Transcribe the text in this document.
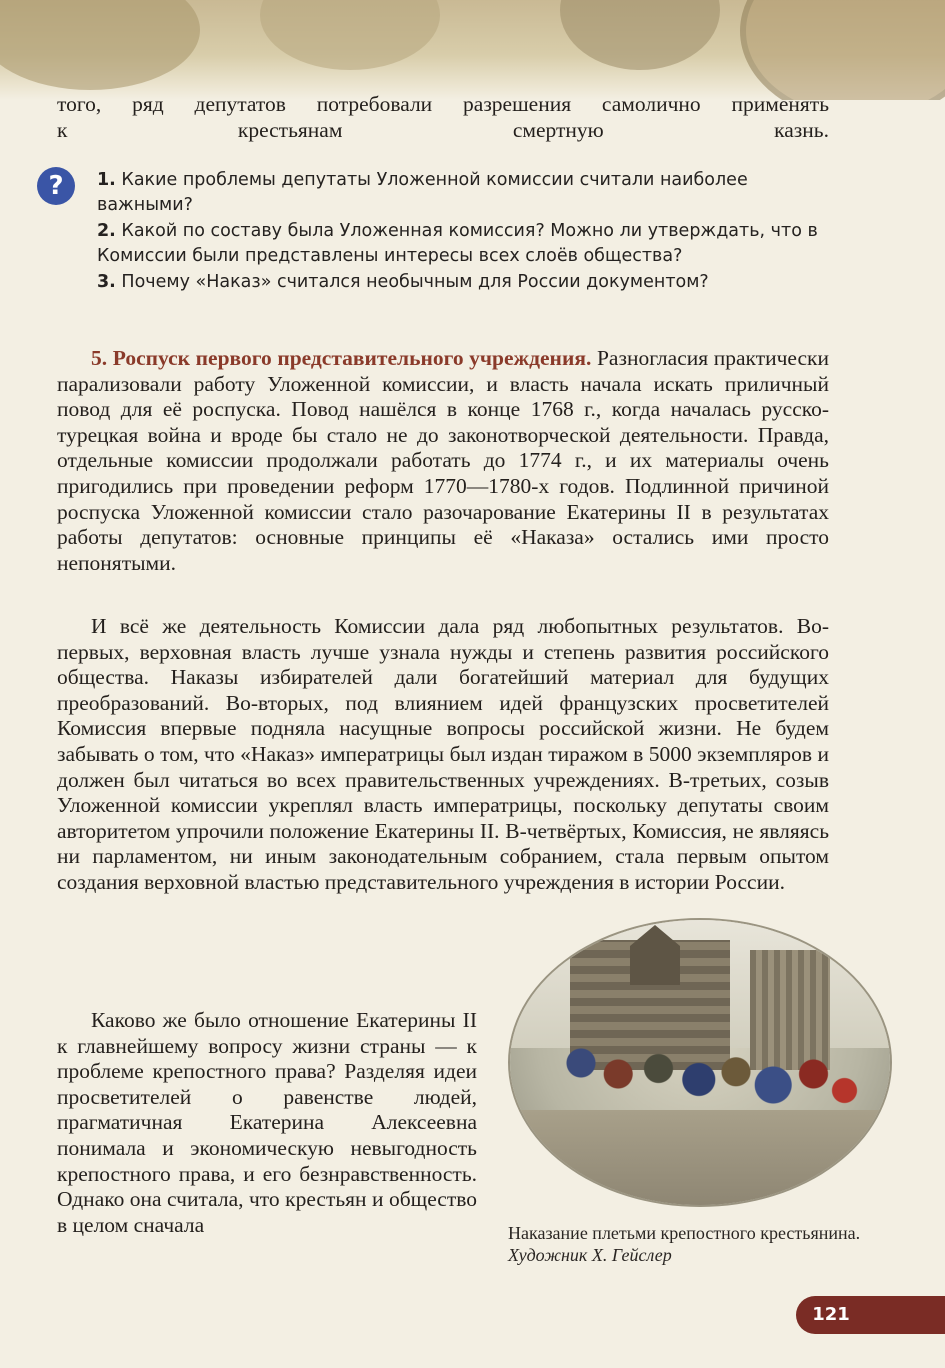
того, ряд депутатов потребовали разрешения самолично применять
к крестьянам смертную казнь.

?	1. Какие проблемы депутаты Уложенной комиссии считали наиболее важными?

2. Какой по составу была Уложенная комиссия? Можно ли утверждать, что в Комиссии были представлены интересы всех слоёв общества?

3. Почему «Наказ» считался необычным для России документом?

5. Роспуск первого представительного учреждения. Разногласия практически парализовали работу Уложенной комиссии, и власть начала искать приличный повод для её роспуска. Повод нашёлся в конце 1768 г., когда началась русско-турецкая война и вроде бы стало не до законотворческой деятельности. Правда, отдельные комиссии продолжали работать до 1774 г., и их материалы очень пригодились при проведении реформ 1770—1780-х годов. Подлинной причиной роспуска Уложенной комиссии стало разочарование Екатерины II в результатах работы депутатов: основные принципы её «Наказа» остались ими просто непонятыми.

И всё же деятельность Комиссии дала ряд любопытных результатов. Во-первых, верховная власть лучше узнала нужды и степень развития российского общества. Наказы избирателей дали богатейший материал для будущих преобразований. Во-вторых, под влиянием идей французских просветителей Комиссия впервые подняла насущные вопросы российской жизни. Не будем забывать о том, что «Наказ» императрицы был издан тиражом в 5000 экземпляров и должен был читаться во всех правительственных учреждениях. В-третьих, созыв Уложенной комиссии укреплял власть императрицы, поскольку депутаты своим авторитетом упрочили положение Екатерины II. В-четвёртых, Комиссия, не являясь ни парламентом, ни иным законодательным собранием, стала первым опытом создания верховной властью представительного учреждения в истории России.

Каково же было отношение Екатерины II к главнейшему вопросу жизни страны — к проблеме крепостного права? Разделяя идеи просветителей о равенстве людей, прагматичная Екатерина Алексеевна понимала и экономическую невыгодность крепостного права, и его безнравственность. Однако она считала, что крестьян и общество в целом сначала	Наказание плетьми крепостного крестьянина. Художник Х. Гейслер
121
